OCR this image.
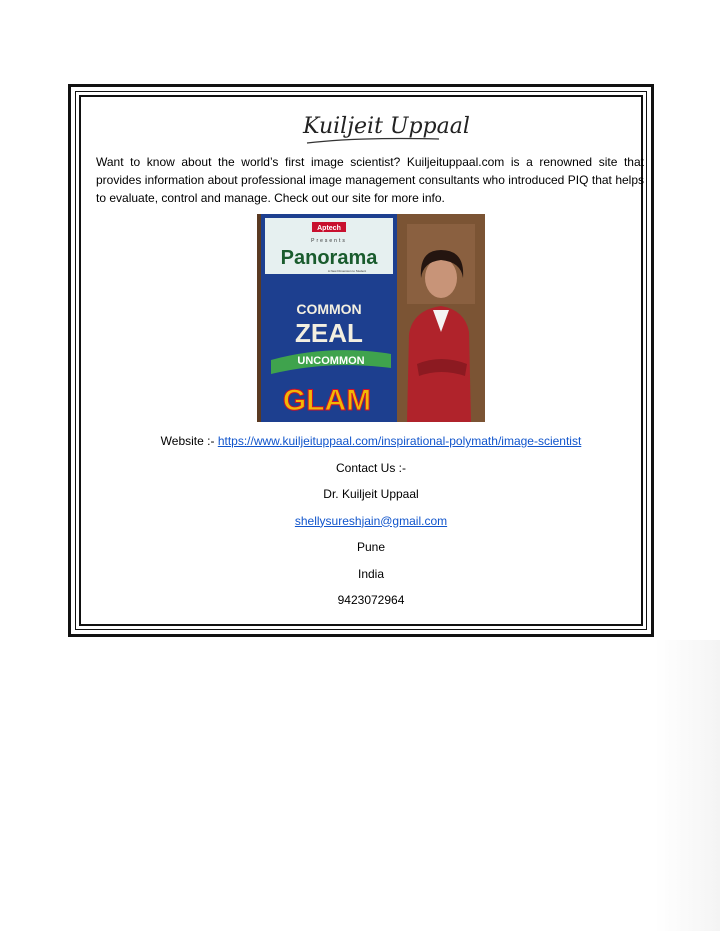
Kuiljeit Uppaal
Want to know about the world’s first image scientist? Kuiljeituppaal.com is a renowned site that provides information about professional image management consultants who introduced PIQ that helps to evaluate, control and manage. Check out our site for more info.
Aptech
Presents
Panorama
A New Dimension to Student
COMMON
ZEAL
UNCOMMON
GLAM
Website :- https://www.kuiljeituppaal.com/inspirational-polymath/image-scientist
Contact Us :-
Dr. Kuiljeit Uppaal
shellysureshjain@gmail.com
Pune
India
9423072964
